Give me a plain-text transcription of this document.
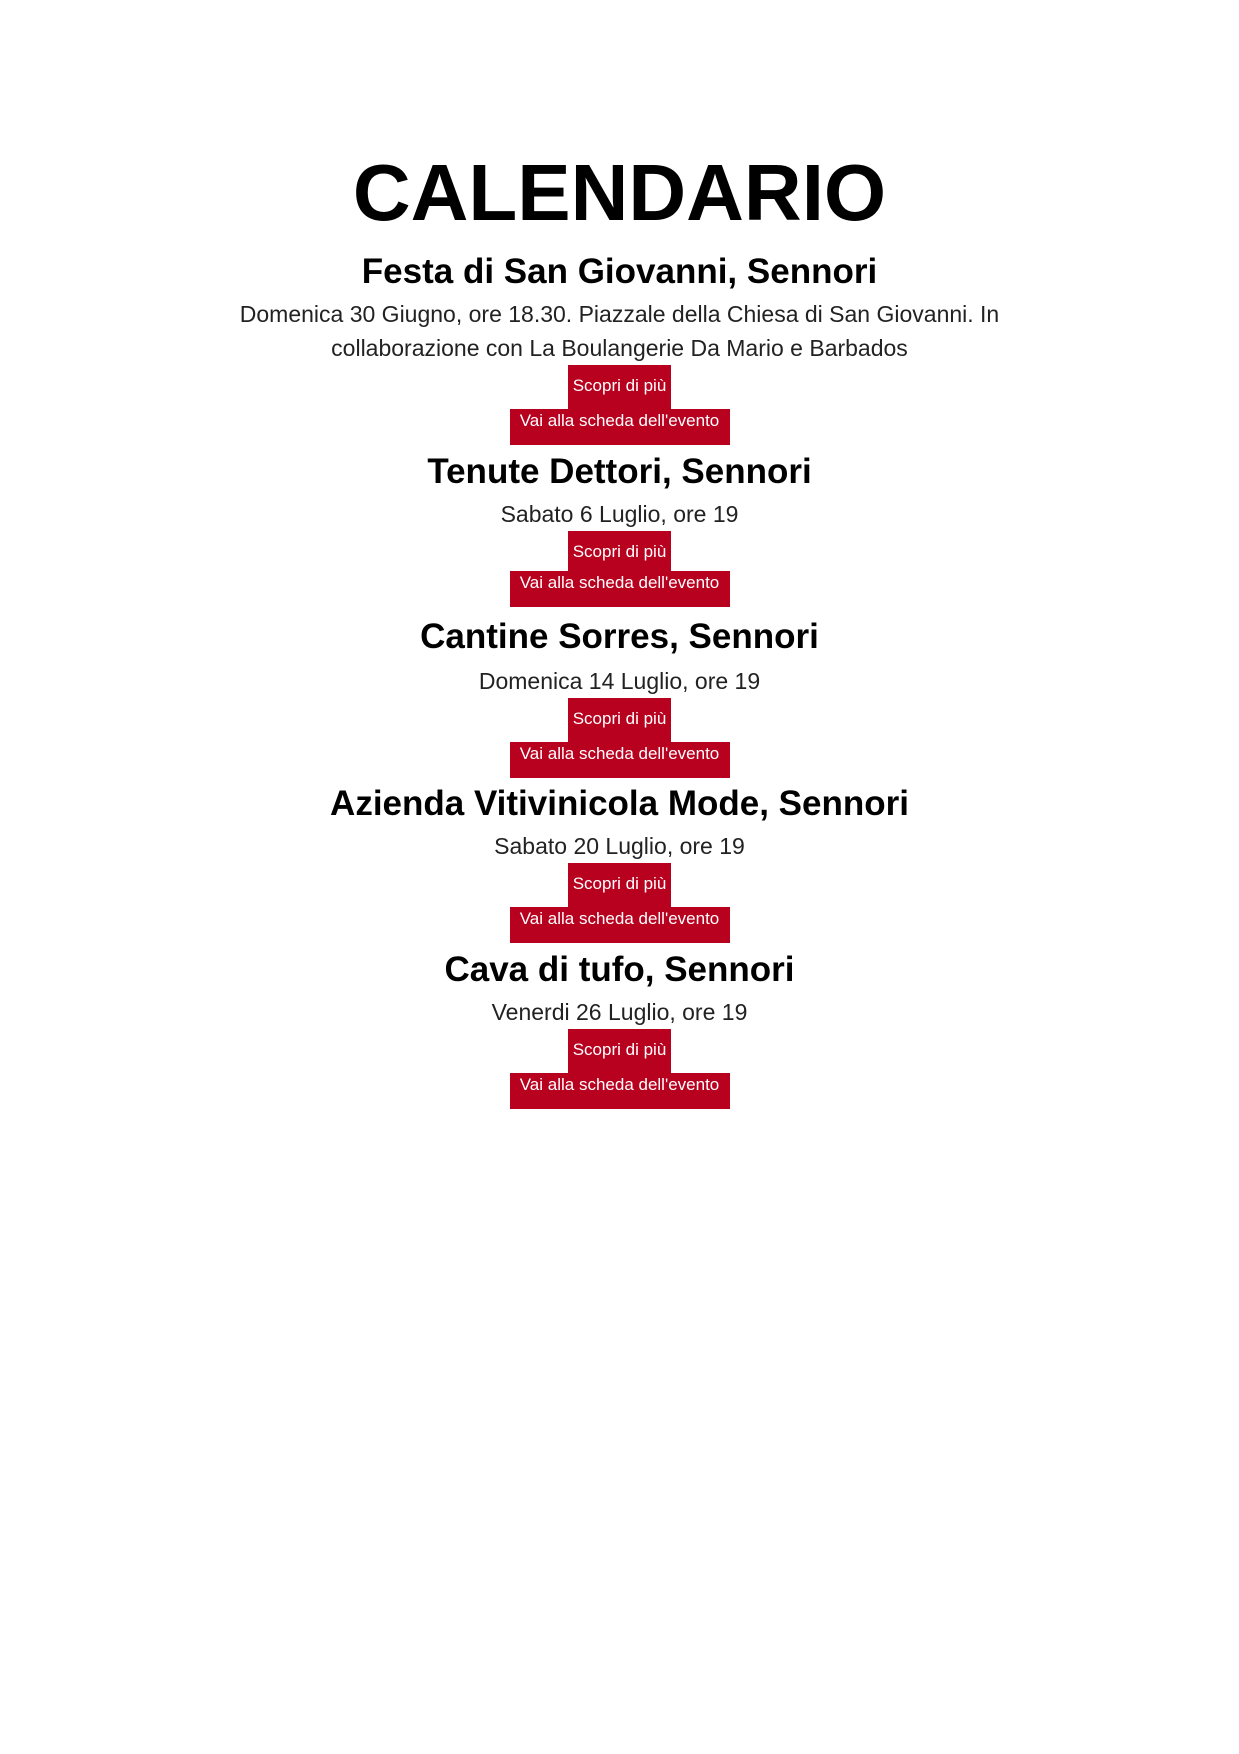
CALENDARIO
Festa di San Giovanni, Sennori

Domenica 30 Giugno, ore 18.30. Piazzale della Chiesa di San Giovanni. In collaborazione con La Boulangerie Da Mario e Barbados

Scopri di più
Vai alla scheda dell'evento
Tenute Dettori, Sennori

Sabato 6 Luglio, ore 19

Scopri di più
Vai alla scheda dell'evento
Cantine Sorres, Sennori

Domenica 14 Luglio, ore 19

Scopri di più
Vai alla scheda dell'evento
Azienda Vitivinicola Mode, Sennori

Sabato 20 Luglio, ore 19

Scopri di più
Vai alla scheda dell'evento
Cava di tufo, Sennori

Venerdi 26 Luglio, ore 19

Scopri di più
Vai alla scheda dell'evento
